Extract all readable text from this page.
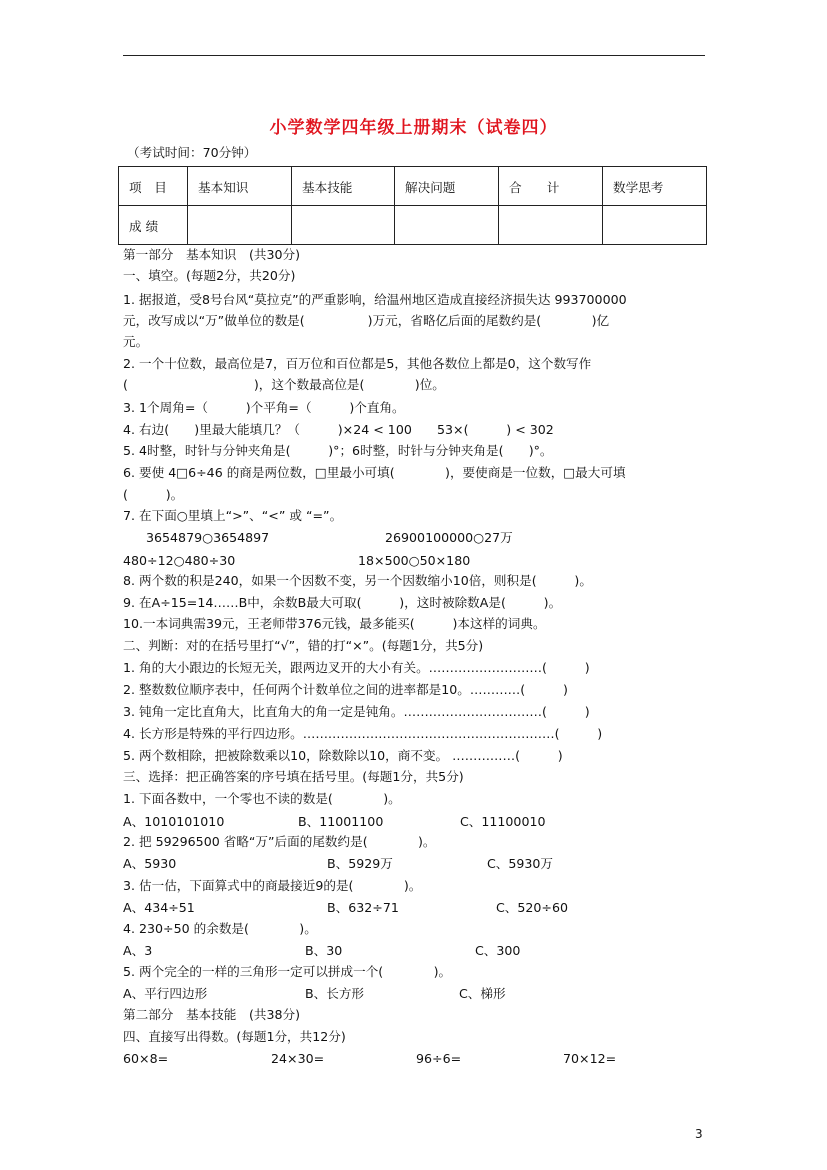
小学数学四年级上册期末（试卷四）
（考试时间：70分钟）
项　目	基本知识	基本技能	解决问题	合　　计	数学思考
成 绩					
第一部分　基本知识　(共30分)
一、填空。(每题2分，共20分)
1. 据报道，受8号台风“莫拉克”的严重影响，给温州地区造成直接经济损失达 993700000
元，改写成以“万”做单位的数是(　　　　　)万元，省略亿后面的尾数约是(　　　　)亿
元。
2. 一个十位数，最高位是7，百万位和百位都是5，其他各数位上都是0，这个数写作
(　　　　　　　　　　)，这个数最高位是(　　　　)位。
3. 1个周角=（　　　)个平角=（　　　)个直角。
4. 右边(　　)里最大能填几？（　　　)×24 < 100　　53×(　　　) < 302
5. 4时整，时针与分钟夹角是(　　　)°；6时整，时针与分钟夹角是(　　)°。
6. 要使 4□6÷46 的商是两位数，□里最小可填(　　　　)，要使商是一位数，□最大可填
(　　　)。
7. 在下面○里填上“>”、“<” 或 “=”。
3654879○3654897	26900100000○27万
480÷12○480÷30	18×500○50×180
8. 两个数的积是240，如果一个因数不变，另一个因数缩小10倍，则积是(　　　)。
9. 在A÷15=14……B中，余数B最大可取(　　　)，这时被除数A是(　　　)。
10.一本词典需39元，王老师带376元钱，最多能买(　　　)本这样的词典。
二、判断：对的在括号里打“√”，错的打“×”。(每题1分，共5分)
1. 角的大小跟边的长短无关，跟两边叉开的大小有关。………………………(　　　)
2. 整数数位顺序表中，任何两个计数单位之间的进率都是10。…………(　　　)
3. 钝角一定比直角大，比直角大的角一定是钝角。……………………………(　　　)
4. 长方形是特殊的平行四边形。……………………………………………………(　　　)
5. 两个数相除，把被除数乘以10，除数除以10，商不变。 ……………(　　　)
三、选择：把正确答案的序号填在括号里。(每题1分，共5分)
1. 下面各数中，一个零也不读的数是(　　　　)。
A、1010101010	B、11001100	C、11100010
2. 把 59296500 省略“万”后面的尾数约是(　　　　)。
A、5930	B、5929万	C、5930万
3. 估一估，下面算式中的商最接近9的是(　　　　)。
A、434÷51	B、632÷71	C、520÷60
4. 230÷50 的余数是(　　　　)。
A、3	B、30	C、300
5. 两个完全的一样的三角形一定可以拼成一个(　　　　)。
A、平行四边形	B、长方形	C、梯形
第二部分　基本技能　(共38分)
四、直接写出得数。(每题1分，共12分)
60×8=	24×30=	96÷6=	70×12=
3
